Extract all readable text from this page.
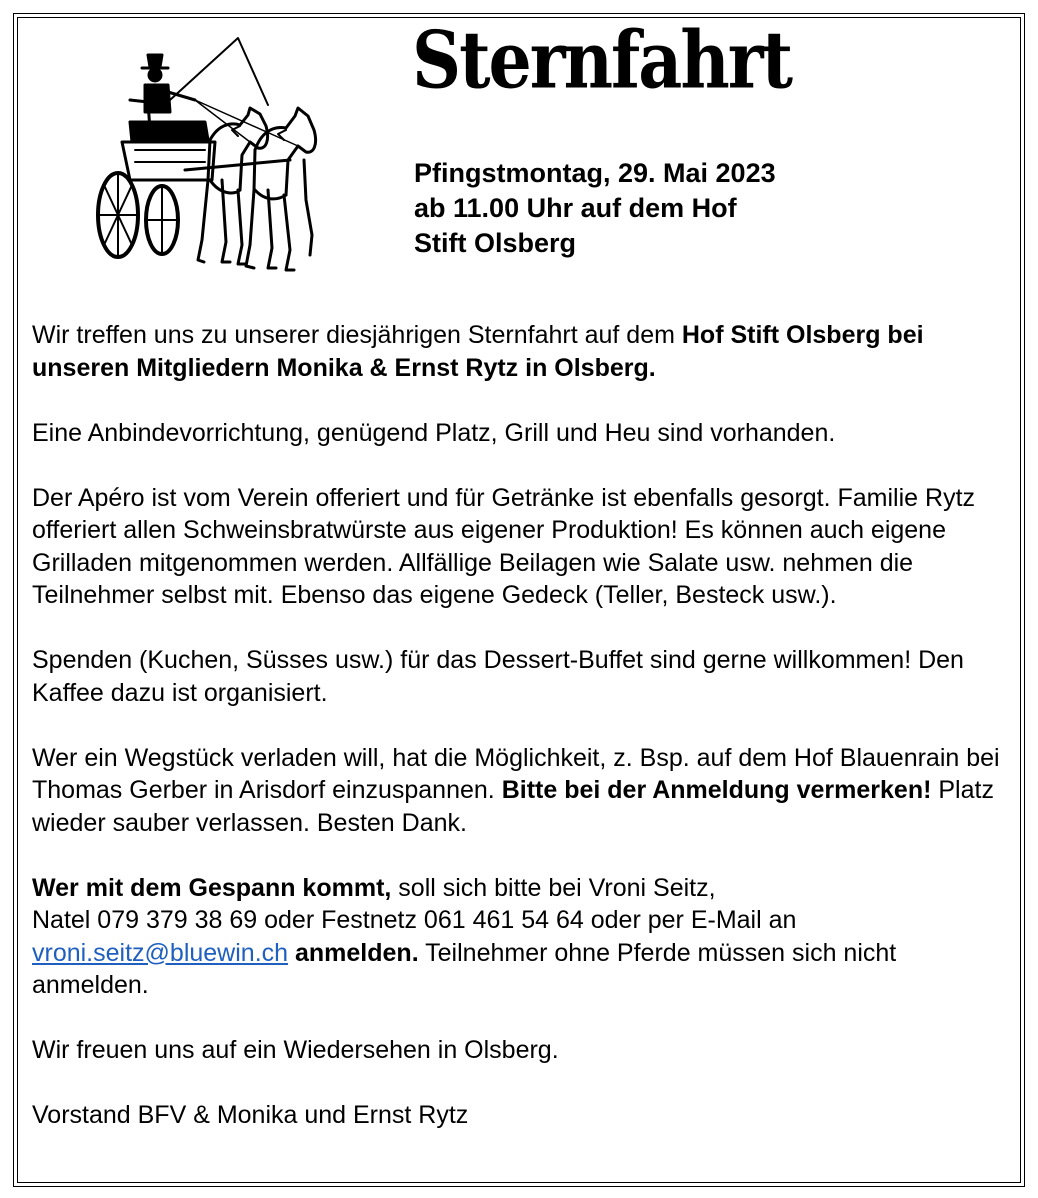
Sternfahrt
Pfingstmontag, 29. Mai 2023
ab 11.00 Uhr auf dem Hof
Stift Olsberg

Wir treffen uns zu unserer diesjährigen Sternfahrt auf dem Hof Stift Olsberg bei unseren Mitgliedern Monika & Ernst Rytz in Olsberg.

Eine Anbindevorrichtung, genügend Platz, Grill und Heu sind vorhanden.

Der Apéro ist vom Verein offeriert und für Getränke ist ebenfalls gesorgt. Familie Rytz offeriert allen Schweinsbratwürste aus eigener Produktion! Es können auch eigene Grilladen mitgenommen werden. Allfällige Beilagen wie Salate usw. nehmen die Teilnehmer selbst mit. Ebenso das eigene Gedeck (Teller, Besteck usw.).

Spenden (Kuchen, Süsses usw.) für das Dessert-Buffet sind gerne willkommen! Den Kaffee dazu ist organisiert.

Wer ein Wegstück verladen will, hat die Möglichkeit, z. Bsp. auf dem Hof Blauenrain bei Thomas Gerber in Arisdorf einzuspannen. Bitte bei der Anmeldung vermerken! Platz wieder sauber verlassen. Besten Dank.

Wer mit dem Gespann kommt, soll sich bitte bei Vroni Seitz,
Natel 079 379 38 69 oder Festnetz 061 461 54 64 oder per E-Mail an
vroni.seitz@bluewin.ch anmelden. Teilnehmer ohne Pferde müssen sich nicht anmelden.

Wir freuen uns auf ein Wiedersehen in Olsberg.

Vorstand BFV & Monika und Ernst Rytz
